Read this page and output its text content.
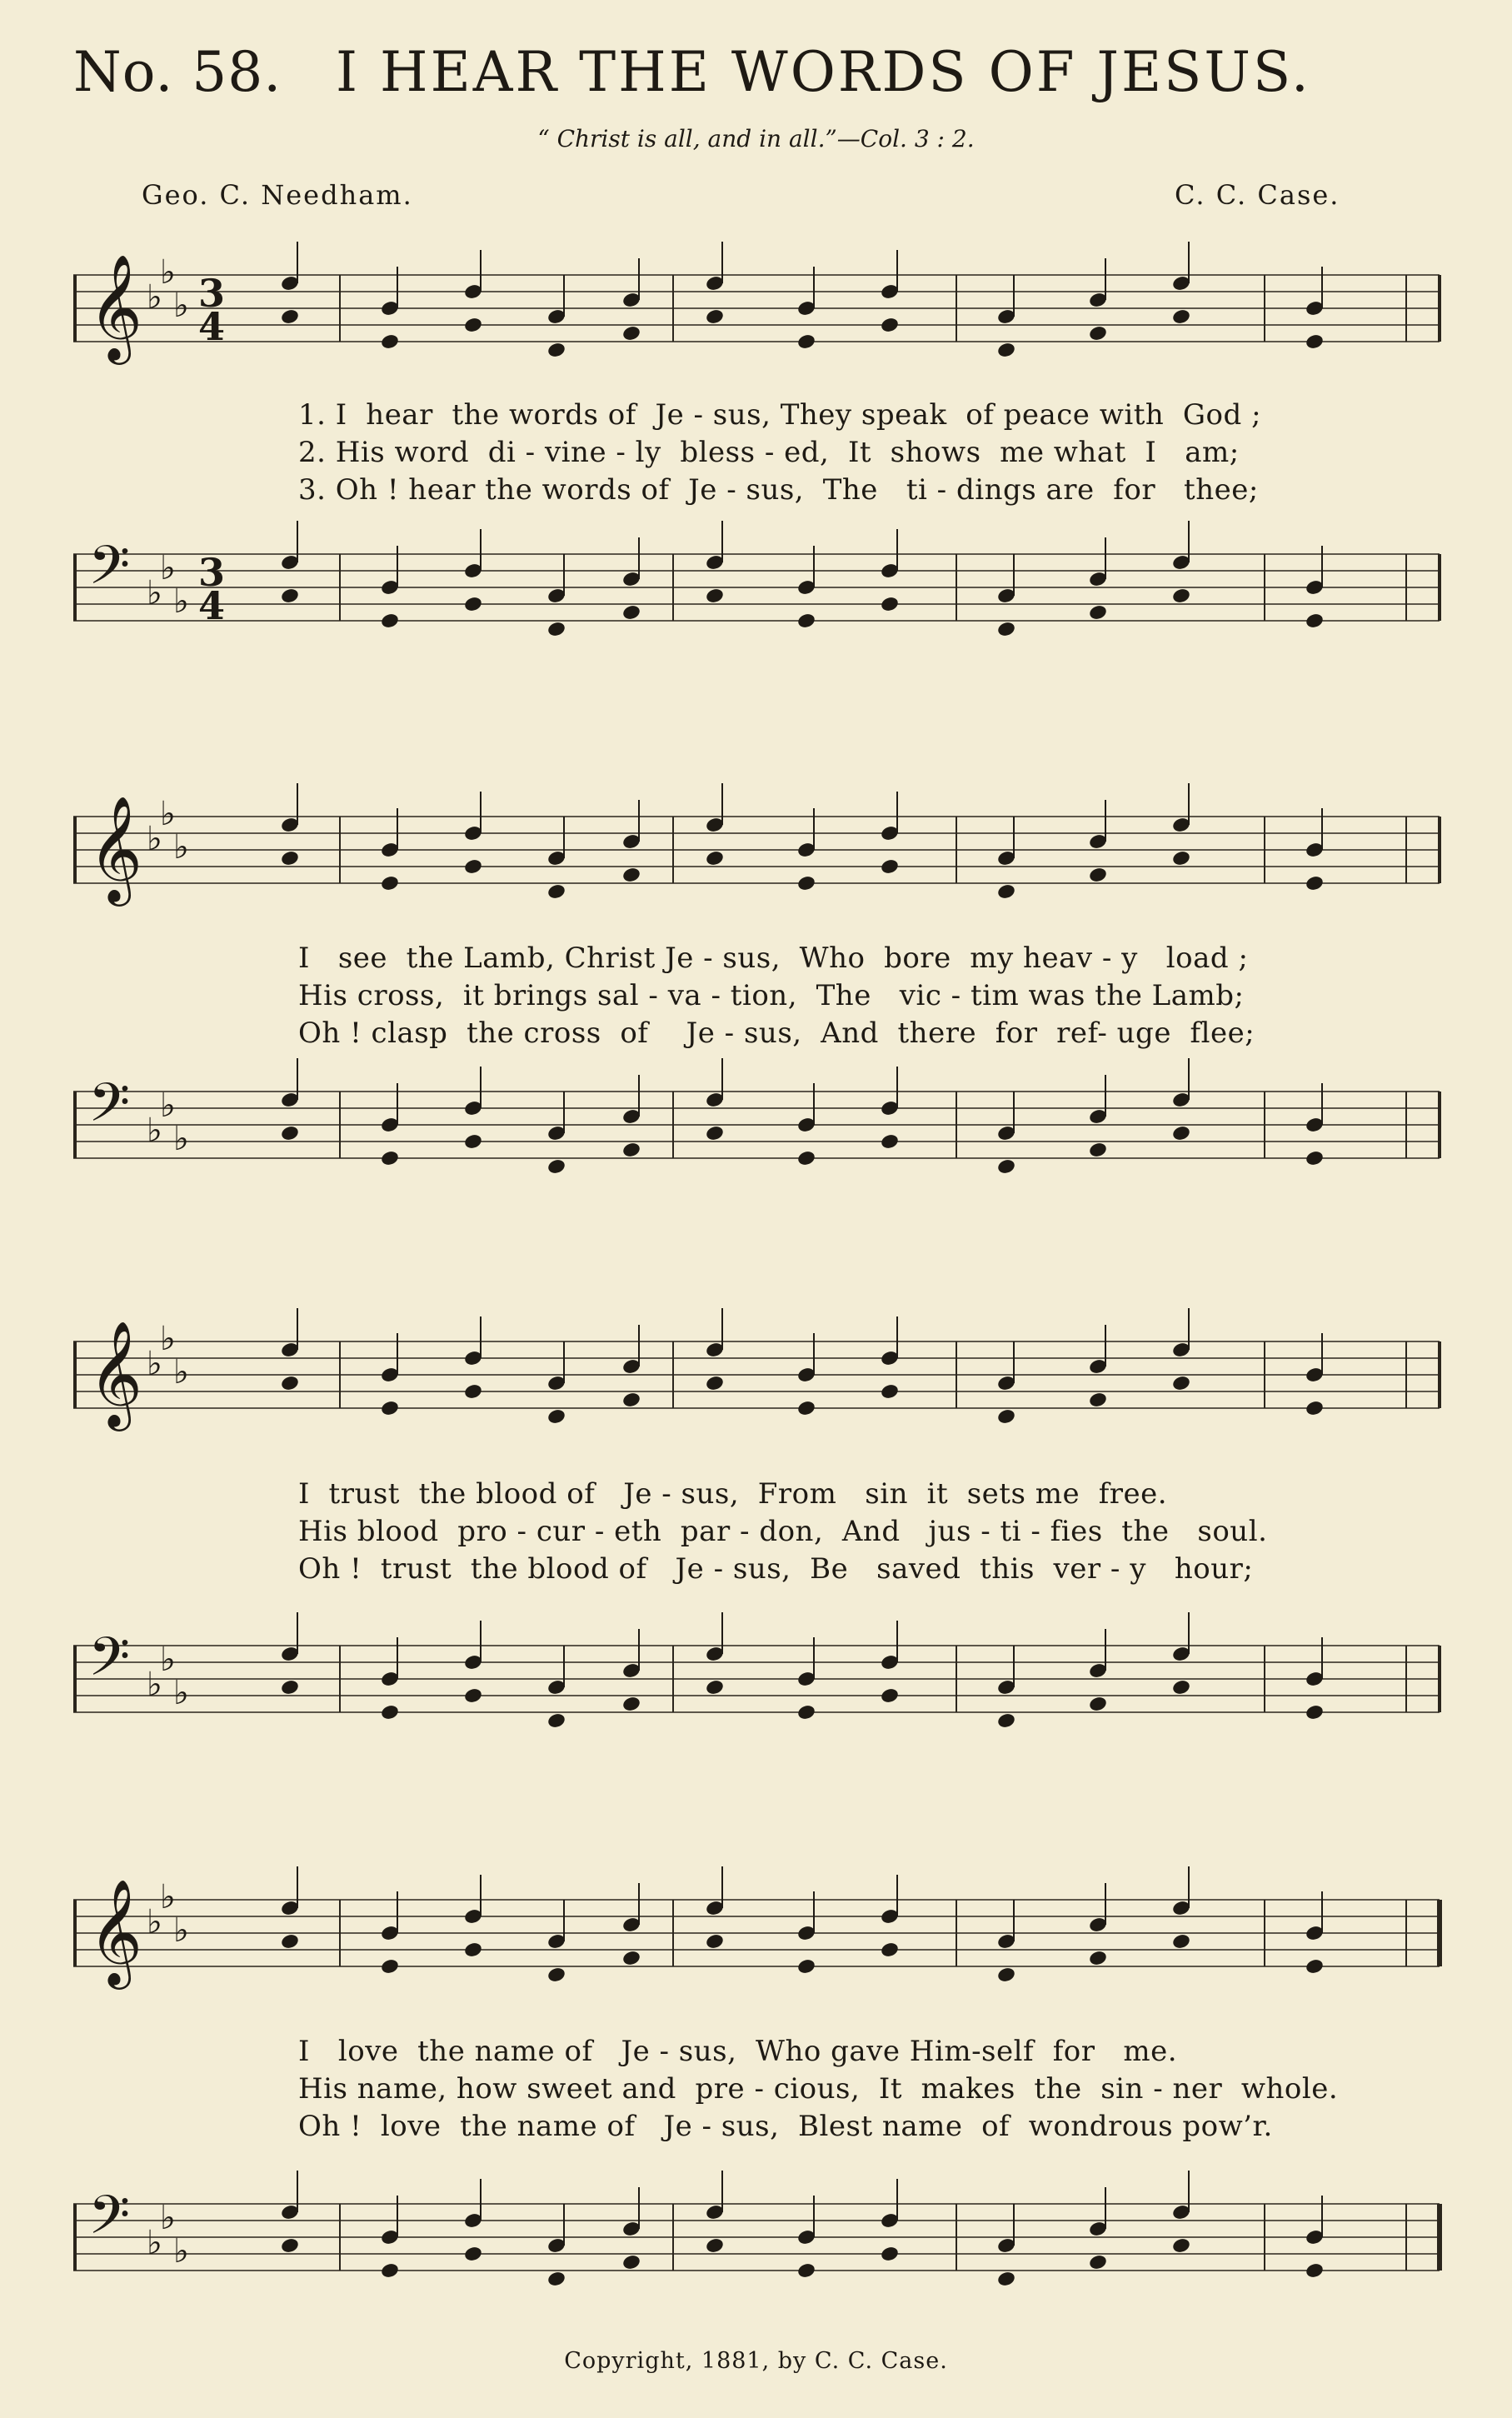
No. 58. I HEAR THE WORDS OF JESUS.
“ Christ is all, and in all.”—Col. 3 : 2.
Geo. C. Needham.	C. C. Case.
𝄞 ♭
♭
♭ 3
4
1. I  hear  the words of  Je - sus, They speak  of peace with  God ;
2. His word  di - vine - ly  bless - ed,  It  shows  me what  I   am;
3. Oh ! hear the words of  Je - sus,  The   ti - dings are  for   thee;
𝄢 ♭
♭
♭
3
4
𝄞 ♭
♭
♭
I   see  the Lamb, Christ Je - sus,  Who  bore  my heav - y   load ;
His cross,  it brings sal - va - tion,  The   vic - tim was the Lamb;
Oh ! clasp  the cross  of    Je - sus,  And  there  for  ref- uge  flee;
𝄢 ♭
♭
♭
𝄞 ♭
♭
♭
I  trust  the blood of   Je - sus,  From   sin  it  sets me  free.
His blood  pro - cur - eth  par - don,  And   jus - ti - fies  the   soul.
Oh !  trust  the blood of   Je - sus,  Be   saved  this  ver - y   hour;
𝄢 ♭
♭
♭
𝄞 ♭
♭
♭
I   love  the name of   Je - sus,  Who gave Him-self  for   me.
His name, how sweet and  pre - cious,  It  makes  the  sin - ner  whole.
Oh !  love  the name of   Je - sus,  Blest name  of  wondrous pow’r.
𝄢 ♭
♭
♭
Copyright, 1881, by C. C. Case.
